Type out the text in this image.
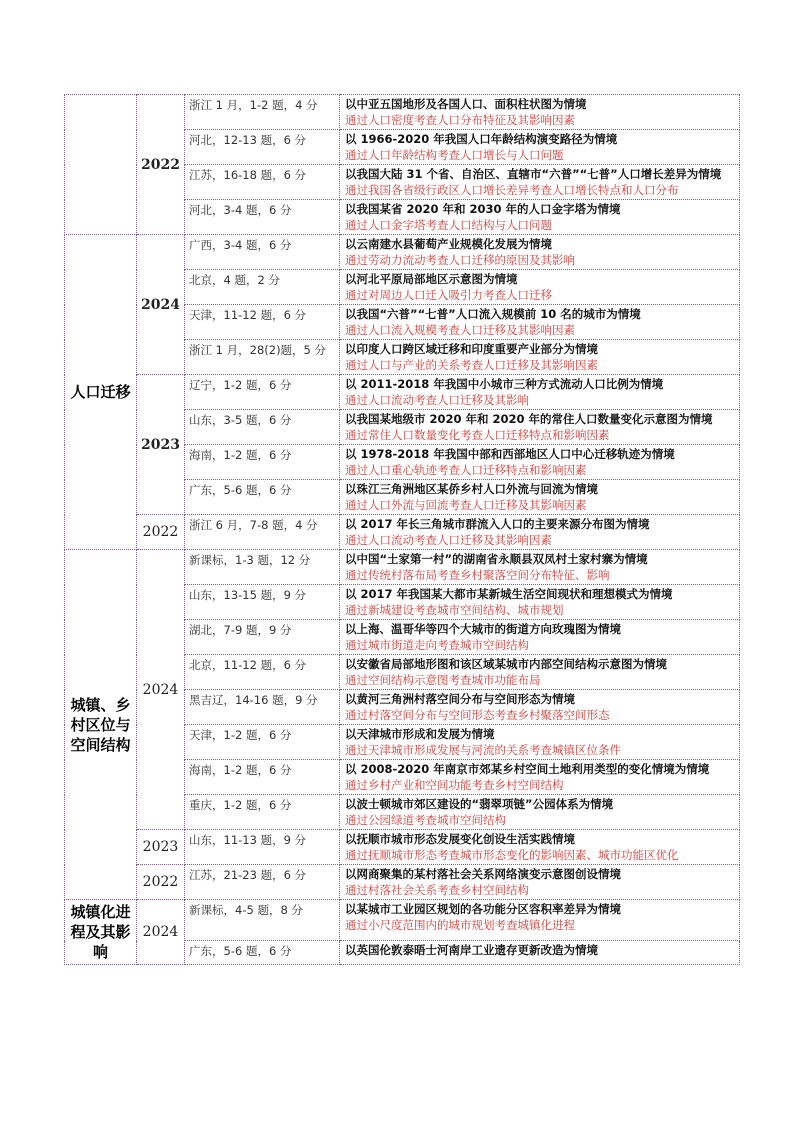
	2022	浙江 1 月，1-2 题，4 分	以中亚五国地形及各国人口、面积柱状图为情境
通过人口密度考查人口分布特征及其影响因素

		河北，12-13 题，6 分	以 1966-2020 年我国人口年龄结构演变路径为情境
通过人口年龄结构考查人口增长与人口问题

		江苏，16-18 题，6 分	以我国大陆 31 个省、自治区、直辖市“六普”“七普”人口增长差异为情境
通过我国各省级行政区人口增长差异考查人口增长特点和人口分布

		河北，3-4 题，6 分	以我国某省 2020 年和 2030 年的人口金字塔为情境
通过人口金字塔考查人口结构与人口问题

人口迁移	2024	广西，3-4 题，6 分	以云南建水县葡萄产业规模化发展为情境
通过劳动力流动考查人口迁移的原因及其影响

		北京，4 题，2 分	以河北平原局部地区示意图为情境
通过对周边人口迁入吸引力考查人口迁移

		天津，11-12 题，6 分	以我国“六普”“七普”人口流入规模前 10 名的城市为情境
通过人口流入规模考查人口迁移及其影响因素

		浙江 1 月，28(2)题，5 分	以印度人口跨区域迁移和印度重要产业部分为情境
通过人口与产业的关系考查人口迁移及其影响因素

	2023	辽宁，1-2 题，6 分	以 2011-2018 年我国中小城市三种方式流动人口比例为情境
通过人口流动考查人口迁移及其影响

		山东，3-5 题，6 分	以我国某地级市 2020 年和 2020 年的常住人口数量变化示意图为情境
通过常住人口数量变化考查人口迁移特点和影响因素

		海南，1-2 题，6 分	以 1978-2018 年我国中部和西部地区人口中心迁移轨迹为情境
通过人口重心轨迹考查人口迁移特点和影响因素

		广东，5-6 题，6 分	以珠江三角洲地区某侨乡村人口外流与回流为情境
通过人口外流与回流考查人口迁移及其影响因素

	2022	浙江 6 月，7-8 题，4 分	以 2017 年长三角城市群流入人口的主要来源分布图为情境
通过人口流动考查人口迁移及其影响因素

城镇、乡村区位与空间结构	2024	新课标，1-3 题，12 分	以中国“土家第一村”的湖南省永顺县双凤村土家村寨为情境
通过传统村落布局考查乡村聚落空间分布特征、影响

		山东，13-15 题，9 分	以 2017 年我国某大都市某新城生活空间现状和理想模式为情境
通过新城建设考查城市空间结构、城市规划

		湖北，7-9 题，9 分	以上海、温哥华等四个大城市的街道方向玫瑰图为情境
通过城市街道走向考查城市空间结构

		北京，11-12 题，6 分	以安徽省局部地形图和该区域某城市内部空间结构示意图为情境
通过空间结构示意图考查城市功能布局

		黑吉辽，14-16 题，9 分	以黄河三角洲村落空间分布与空间形态为情境
通过村落空间分布与空间形态考查乡村聚落空间形态

		天津，1-2 题，6 分	以天津城市形成和发展为情境
通过天津城市形成发展与河流的关系考查城镇区位条件

		海南，1-2 题，6 分	以 2008-2020 年南京市郊某乡村空间土地利用类型的变化情境为情境
通过乡村产业和空间功能考查乡村空间结构

		重庆，1-2 题，6 分	以波士顿城市郊区建设的“翡翠项链”公园体系为情境
通过公园绿道考查城市空间结构

	2023	山东，11-13 题，9 分	以抚顺市城市形态发展变化创设生活实践情境
通过抚顺城市形态考查城市形态变化的影响因素、城市功能区优化

	2022	江苏，21-23 题，6 分	以网商聚集的某村落社会关系网络演变示意图创设情境
通过村落社会关系考查乡村空间结构

城镇化进程及其影响	2024	新课标，4-5 题，8 分	以某城市工业园区规划的各功能分区容积率差异为情境
通过小尺度范围内的城市规划考查城镇化进程

		广东，5-6 题，6 分	以英国伦敦泰晤士河南岸工业遗存更新改造为情境
